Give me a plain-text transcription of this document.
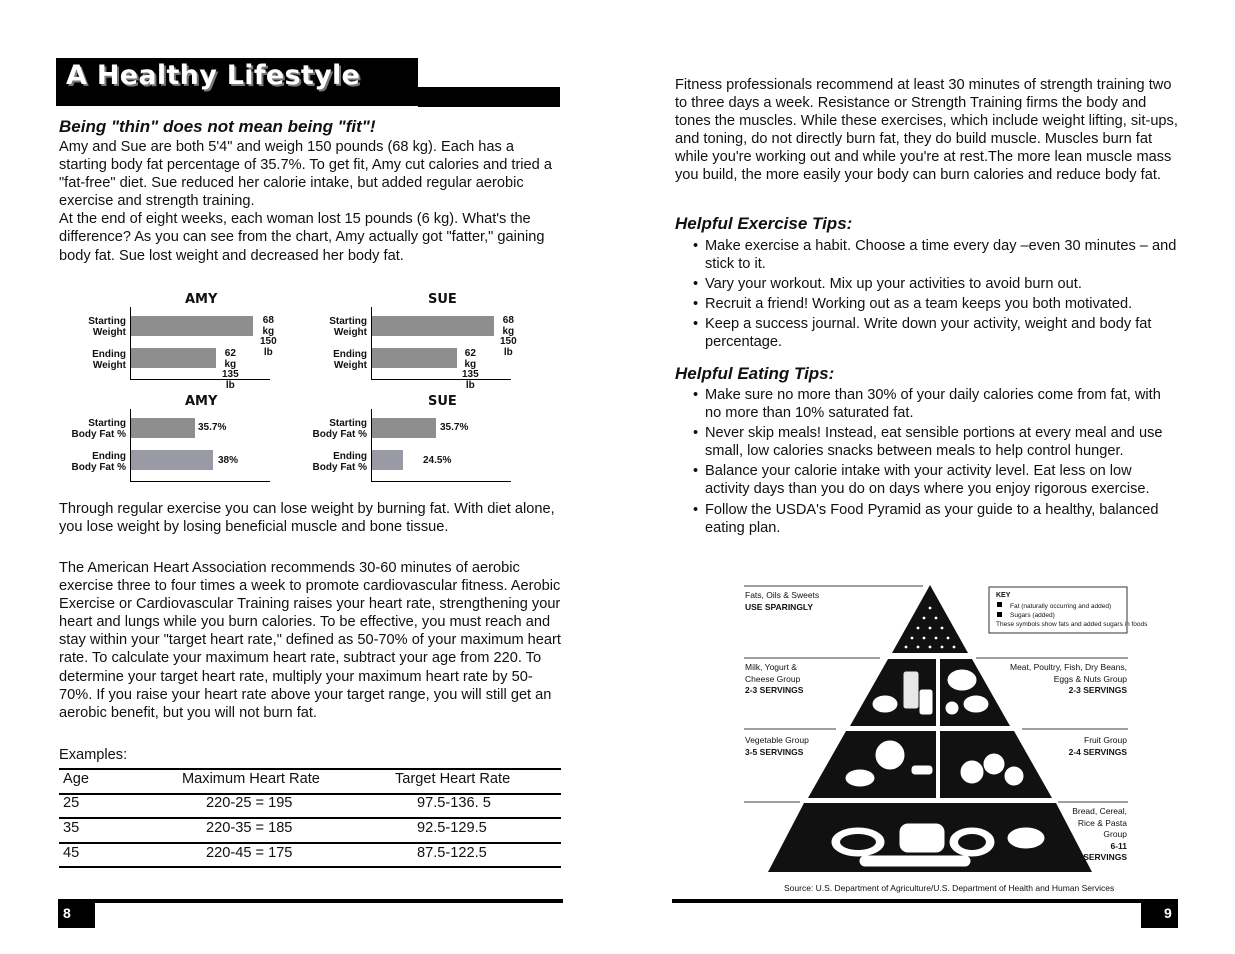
A Healthy Lifestyle
Being "thin" does not mean being "fit"!

Amy and Sue are both 5'4" and weigh 150 pounds (68 kg). Each has a starting body fat percentage of 35.7%. To get fit, Amy cut calories and tried a "fat-free" diet. Sue reduced her calorie intake, but added regular aerobic exercise and strength training.

At the end of eight weeks, each woman lost 15 pounds (6 kg). What's the difference? As you can see from the chart, Amy actually got "fatter," gaining body fat. Sue lost weight and decreased her body fat.

AMY
Starting
Weight
68 kg
150 lb
Ending
Weight
62 kg
135 lb
SUE
Starting
Weight
68 kg
150 lb
Ending
Weight
62 kg
135 lb
AMY
Starting
Body Fat %
35.7%
Ending
Body Fat %
38%
SUE
Starting
Body Fat %
35.7%
Ending
Body Fat %
24.5%

Through regular exercise you can lose weight by burning fat. With diet alone, you lose weight by losing beneficial muscle and bone tissue.

The American Heart Association recommends 30-60 minutes of aerobic exercise three to four times a week to promote cardiovascular fitness. Aerobic Exercise or Cardiovascular Training raises your heart rate, strengthening your heart and lungs while you burn calories. To be effective, you must reach and stay within your "target heart rate," defined as 50-70% of your maximum heart rate. To calculate your maximum heart rate, subtract your age from 220. To determine your target heart rate, multiply your maximum heart rate by 50-70%. If you raise your heart rate above your target range, you will still get an aerobic benefit, but you will not burn fat.

Examples:
Age	Maximum Heart Rate	Target Heart Rate
25	220-25 = 195	97.5-136. 5
35	220-35 = 185	92.5-129.5
45	220-45 = 175	87.5-122.5
8

Fitness professionals recommend at least 30 minutes of strength training two to three days a week. Resistance or Strength Training firms the body and tones the muscles. While these exercises, which include weight lifting, sit-ups, and toning, do not directly burn fat, they do build muscle. Muscles burn fat while you're working out and while you're at rest.The more lean muscle mass you build, the more easily your body can burn calories and reduce body fat.

Helpful Exercise Tips:
• Make exercise a habit. Choose a time every day –even 30 minutes – and stick to it.
• Vary your workout. Mix up your activities to avoid burn out.
• Recruit a friend! Working out as a team keeps you both motivated.
• Keep a success journal. Write down your activity, weight and body fat percentage.
Helpful Eating Tips:
• Make sure no more than 30% of your daily calories come from fat, with no more than 10% saturated fat.
• Never skip meals! Instead, eat sensible portions at every meal and use small, low calories snacks between meals to help control hunger.
• Balance your calorie intake with your activity level. Eat less on low activity days than you do on days where you enjoy rigorous exercise.
• Follow the USDA's Food Pyramid as your guide to a healthy, balanced eating plan.
Fats, Oils & Sweets
USE SPARINGLY
KEY
Fat (naturally occurring and added)
Sugars (added)
These symbols show fats and added sugars in foods
Milk, Yogurt &
Cheese Group
2-3 SERVINGS
Meat, Poultry, Fish, Dry Beans,
Eggs & Nuts Group
2-3 SERVINGS
Vegetable Group
3-5 SERVINGS
Fruit Group
2-4 SERVINGS
Bread, Cereal,
Rice & Pasta
Group
6-11
SERVINGS
Source: U.S. Department of Agriculture/U.S. Department of Health and Human Services
9
